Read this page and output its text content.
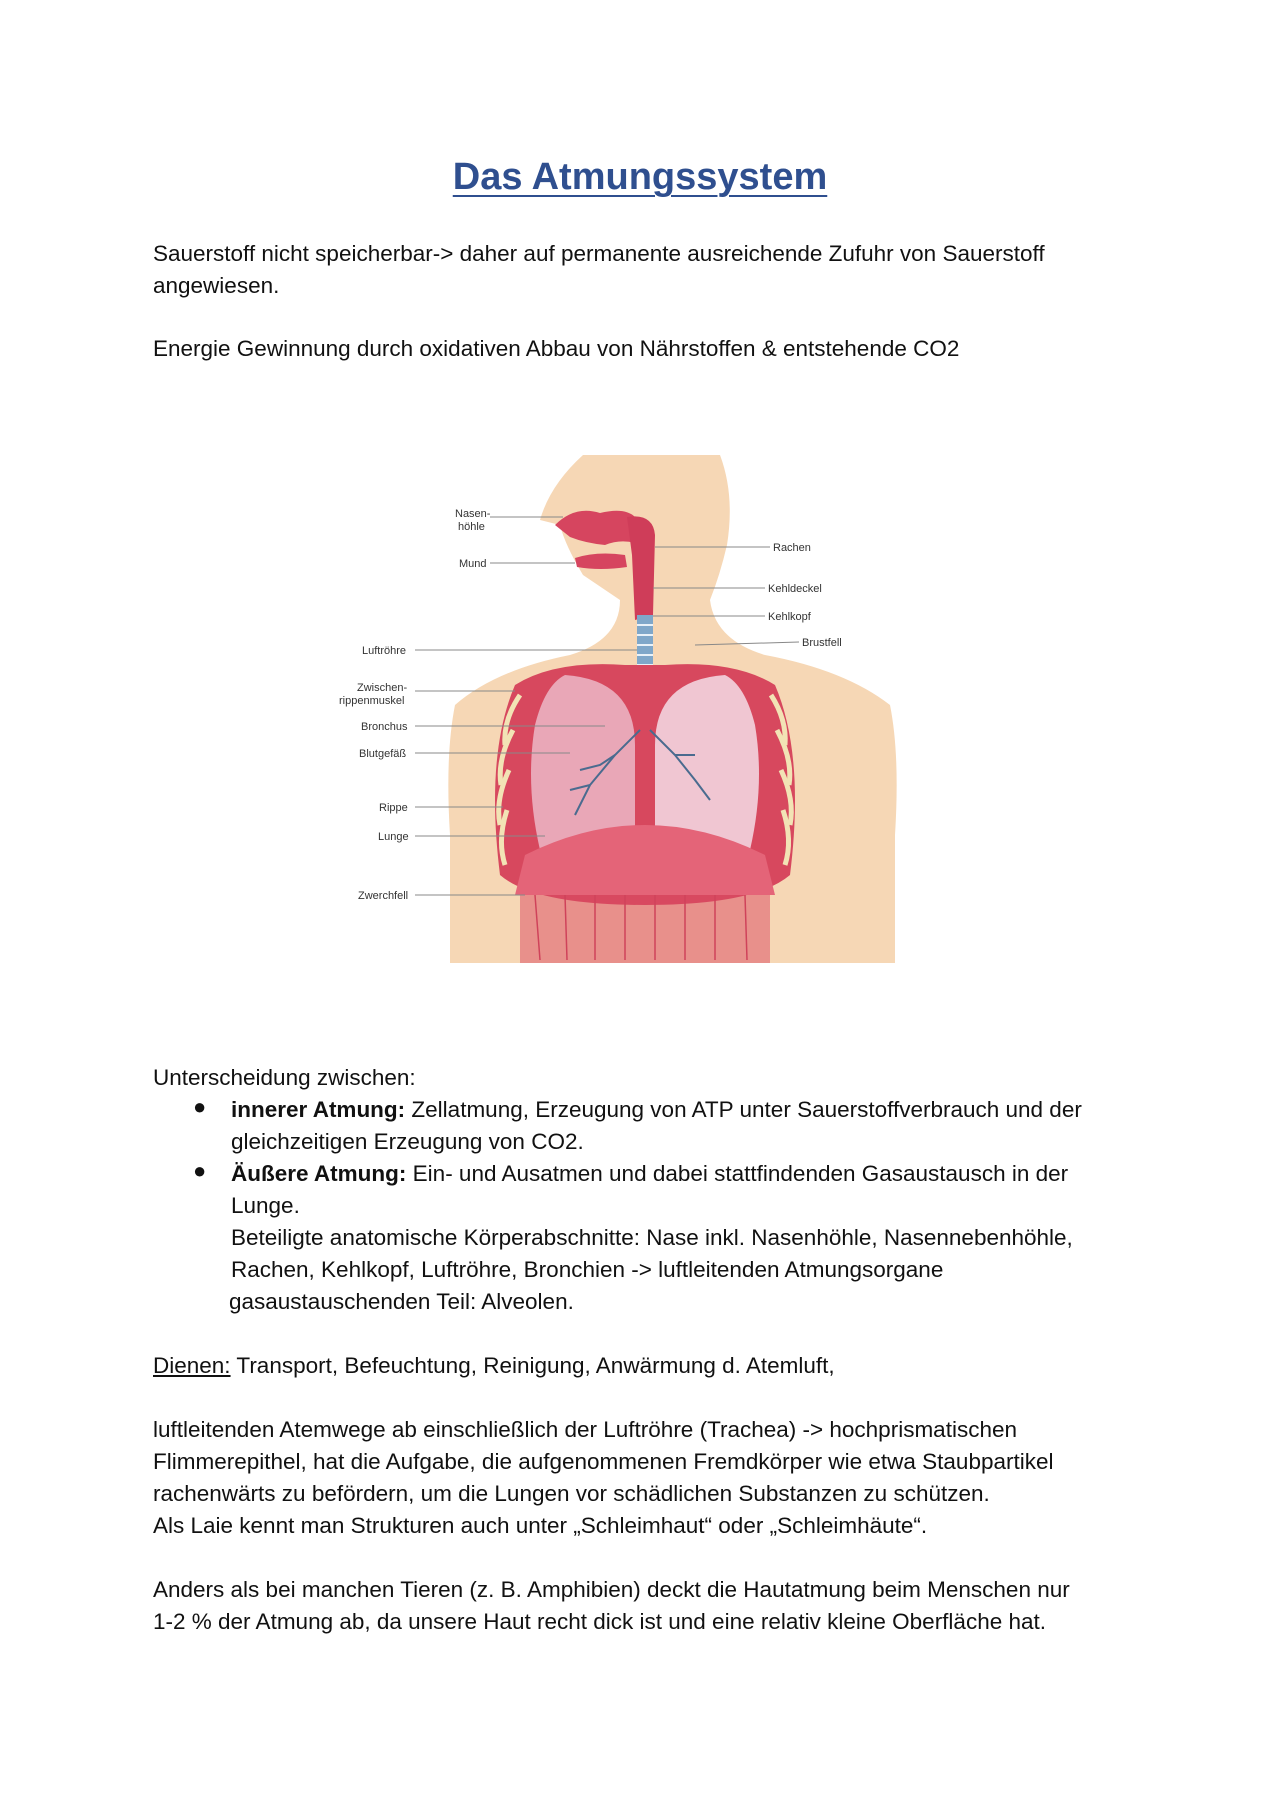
Das Atmungssystem

Sauerstoff nicht speicherbar-> daher auf permanente ausreichende Zufuhr von Sauerstoff

angewiesen.

Energie Gewinnung durch oxidativen Abbau von Nährstoffen & entstehende CO2

Nasen-
höhle
Mund
Luftröhre
Zwischen-
rippenmuskel
Bronchus
Blutgefäß
Rippe
Lunge
Zwerchfell
Rachen
Kehldeckel
Kehlkopf
Brustfell

Unterscheidung zwischen:

● innerer Atmung: Zellatmung, Erzeugung von ATP unter Sauerstoffverbrauch und der

gleichzeitigen Erzeugung von CO2.

● Äußere Atmung: Ein- und Ausatmen und dabei stattfindenden Gasaustausch in der

Lunge.

Beteiligte anatomische Körperabschnitte: Nase inkl. Nasenhöhle, Nasennebenhöhle,

Rachen, Kehlkopf, Luftröhre, Bronchien -> luftleitenden Atmungsorgane

gasaustauschenden Teil: Alveolen.

Dienen: Transport, Befeuchtung, Reinigung, Anwärmung d. Atemluft,

luftleitenden Atemwege ab einschließlich der Luftröhre (Trachea) -> hochprismatischen

Flimmerepithel, hat die Aufgabe, die aufgenommenen Fremdkörper wie etwa Staubpartikel

rachenwärts zu befördern, um die Lungen vor schädlichen Substanzen zu schützen.

Als Laie kennt man Strukturen auch unter „Schleimhaut“ oder „Schleimhäute“.

Anders als bei manchen Tieren (z. B. Amphibien) deckt die Hautatmung beim Menschen nur

1-2 % der Atmung ab, da unsere Haut recht dick ist und eine relativ kleine Oberfläche hat.
